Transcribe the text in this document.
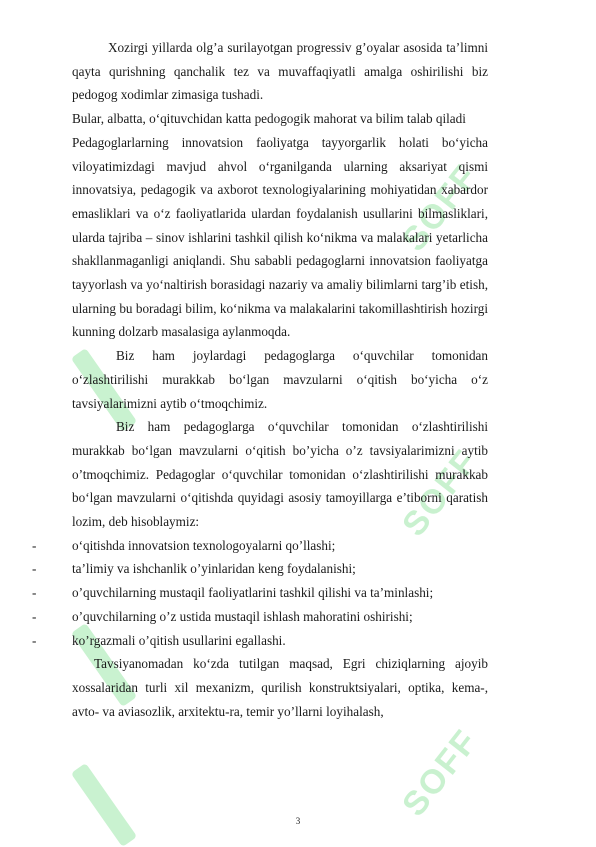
SOFF
SOFF
SOFF

Xozirgi yillarda olg’a surilayotgan progressiv g’oyalar asosida ta’limni qayta qurishning qanchalik tez va muvaffaqiyatli amalga oshirilishi biz pedogog xodimlar zimasiga tushadi.

Bular, albatta, o‘qituvchidan katta pedogogik mahorat va bilim talab qiladi

Pedagoglarlarning innovatsion faoliyatga tayyorgarlik holati bo‘yicha viloyatimizdagi mavjud ahvol o‘rganilganda ularning aksariyat qismi innovatsiya, pedagogik va axborot texnologiyalarining mohiyatidan xabardor emasliklari va o‘z faoliyatlarida ulardan foydalanish usullarini bilmasliklari, ularda tajriba – sinov ishlarini tashkil qilish ko‘nikma va malakalari yetarlicha shakllanmaganligi aniqlandi. Shu sababli pedagoglarni innovatsion faoliyatga tayyorlash va yo‘naltirish borasidagi nazariy va amaliy bilimlarni targ’ib etish, ularning bu boradagi bilim, ko‘nikma va malakalarini takomillashtirish hozirgi kunning dolzarb masalasiga aylanmoqda.

Biz ham joylardagi pedagoglarga o‘quvchilar tomonidan o‘zlashtirilishi murakkab bo‘lgan mavzularni o‘qitish bo‘yicha o‘z tavsiyalarimizni aytib o‘tmoqchimiz.

Biz ham pedagoglarga o‘quvchilar tomonidan o‘zlashtirilishi murakkab bo‘lgan mavzularni o‘qitish bo’yicha o’z tavsiyalarimizni aytib o’tmoqchimiz. Pedagoglar o‘quvchilar tomonidan o‘zlashtirilishi murakkab bo‘lgan mavzularni o‘qitishda quyidagi asosiy tamoyillarga e’tiborni qaratish lozim, deb hisoblaymiz:

-	o‘qitishda innovatsion texnologoyalarni qo’llashi;
-	ta’limiy va ishchanlik o’yinlaridan keng foydalanishi;
-	o’quvchilarning mustaqil faoliyatlarini tashkil qilishi va ta’minlashi;
-	o’quvchilarning o’z ustida mustaqil ishlash mahoratini oshirishi;
-	ko’rgazmali o’qitish usullarini egallashi.

Tavsiyanomadan ko‘zda tutilgan maqsad, Egri chiziqlarning ajoyib xossalaridan turli xil mexanizm, qurilish konstruktsiyalari, optika, kema-, avto- va aviasozlik, arxitektu-ra, temir yo’llarni loyihalash,

3
